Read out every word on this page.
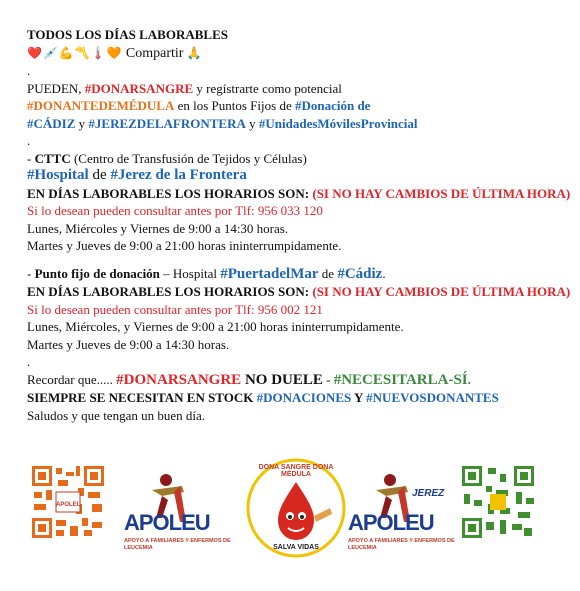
TODOS LOS DÍAS LABORABLES
❤️💉💪〽️🌡️🧡 Compartir 🙏
.
PUEDEN, #DONARSANGRE y regístrarte como potencial
#DONANTEDEMÉDULA en los Puntos Fijos de #Donación de
#CÁDIZ y #JEREZDELAFRONTERA y #UnidadesMóvilesProvincial
.
- CTTC (Centro de Transfusión de Tejidos y Células)
#Hospital de #Jerez de la Frontera
EN DÍAS LABORABLES LOS HORARIOS SON: (SI NO HAY CAMBIOS DE ÚLTIMA HORA)
Si lo desean pueden consultar antes por Tlf: 956 033 120
Lunes, Miércoles y Viernes de 9:00 a 14:30 horas.
Martes y Jueves de 9:00 a 21:00 horas ininterrumpidamente.
- Punto fijo de donación – Hospital #PuertadelMar de #Cádiz.
EN DÍAS LABORABLES LOS HORARIOS SON: (SI NO HAY CAMBIOS DE ÚLTIMA HORA)
Si lo desean pueden consultar antes por Tlf: 956 002 121
Lunes, Miércoles, y Viernes de 9:00 a 21:00 horas ininterrumpidamente.
Martes y Jueves de 9:00 a 14:30 horas.
.
Recordar que..... #DONARSANGRE NO DUELE - #NECESITARLA-SÍ.
SIEMPRE SE NECESITAN EN STOCK #DONACIONES Y #NUEVOSDONANTES
Saludos y que tengan un buen día.
APOLEU
APOLEU
APOYO A FAMILIARES Y ENFERMOS DE LEUCEMIA
DONA SANGRE DONA MÉDULA
SALVA VIDAS
JEREZ
APOLEU
APOYO A FAMILIARES Y ENFERMOS DE LEUCEMIA
